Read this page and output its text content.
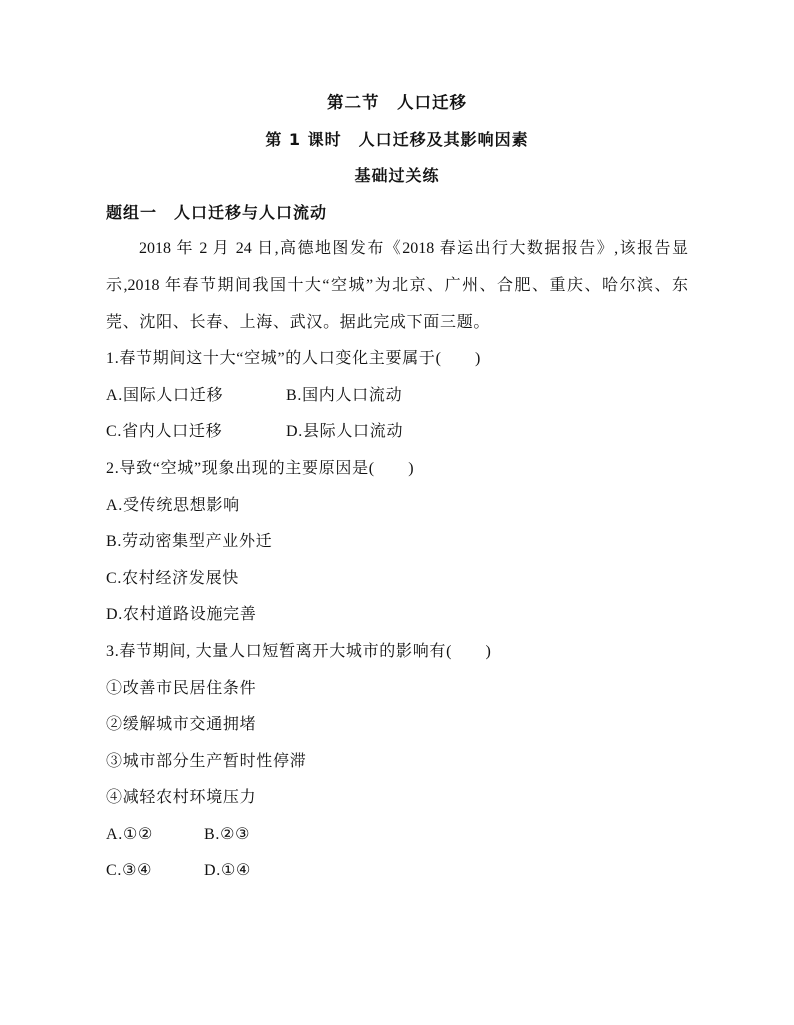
第二节　人口迁移
第 1 课时　人口迁移及其影响因素
基础过关练
题组一　人口迁移与人口流动
2018 年 2 月 24 日,高德地图发布《2018 春运出行大数据报告》,该报告显
示,2018 年春节期间我国十大“空城”为北京、广州、合肥、重庆、哈尔滨、东
莞、沈阳、长春、上海、武汉。据此完成下面三题。
1.春节期间这十大“空城”的人口变化主要属于(　　)
A.国际人口迁移	B.国内人口流动
C.省内人口迁移	D.县际人口流动
2.导致“空城”现象出现的主要原因是(　　)
A.受传统思想影响
B.劳动密集型产业外迁
C.农村经济发展快
D.农村道路设施完善
3.春节期间, 大量人口短暂离开大城市的影响有(　　)
①改善市民居住条件
②缓解城市交通拥堵
③城市部分生产暂时性停滞
④减轻农村环境压力
A.①②	B.②③
C.③④	D.①④
